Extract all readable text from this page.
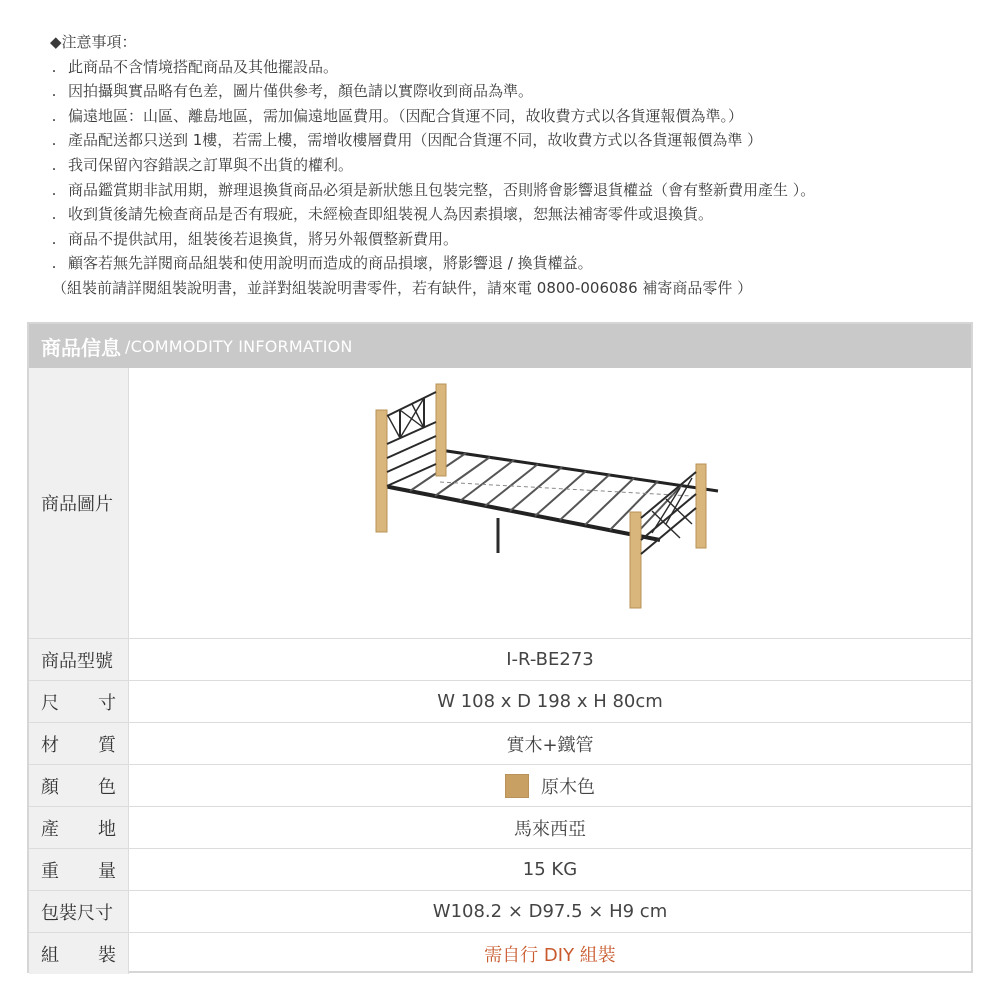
◆注意事項：
. 此商品不含情境搭配商品及其他擺設品。
. 因拍攝與實品略有色差，圖片僅供參考，顏色請以實際收到商品為準。
. 偏遠地區：山區、離島地區，需加偏遠地區費用。（因配合貨運不同，故收費方式以各貨運報價為準。）
. 產品配送都只送到 1樓，若需上樓，需增收樓層費用（因配合貨運不同，故收費方式以各貨運報價為準 ）
. 我司保留內容錯誤之訂單與不出貨的權利。
. 商品鑑賞期非試用期，辦理退換貨商品必須是新狀態且包裝完整，否則將會影響退貨權益（會有整新費用產生 ）。
. 收到貨後請先檢查商品是否有瑕疵，未經檢查即組裝視人為因素損壞，恕無法補寄零件或退換貨。
. 商品不提供試用，組裝後若退換貨，將另外報價整新費用。
. 顧客若無先詳閱商品組裝和使用說明而造成的商品損壞，將影響退 / 換貨權益。
（組裝前請詳閱組裝說明書，並詳對組裝說明書零件，若有缺件，請來電 0800-006086 補寄商品零件 ）
商品信息 /COMMODITY INFORMATION
商品圖片
商品型號	I-R-BE273
尺 寸	W 108 x D 198 x H 80cm
材 質	實木+鐵管
顏 色	原木色
產 地	馬來西亞
重 量	15 KG
包裝尺寸	W108.2 × D97.5 × H9 cm
組 裝	需自行 DIY 組裝
